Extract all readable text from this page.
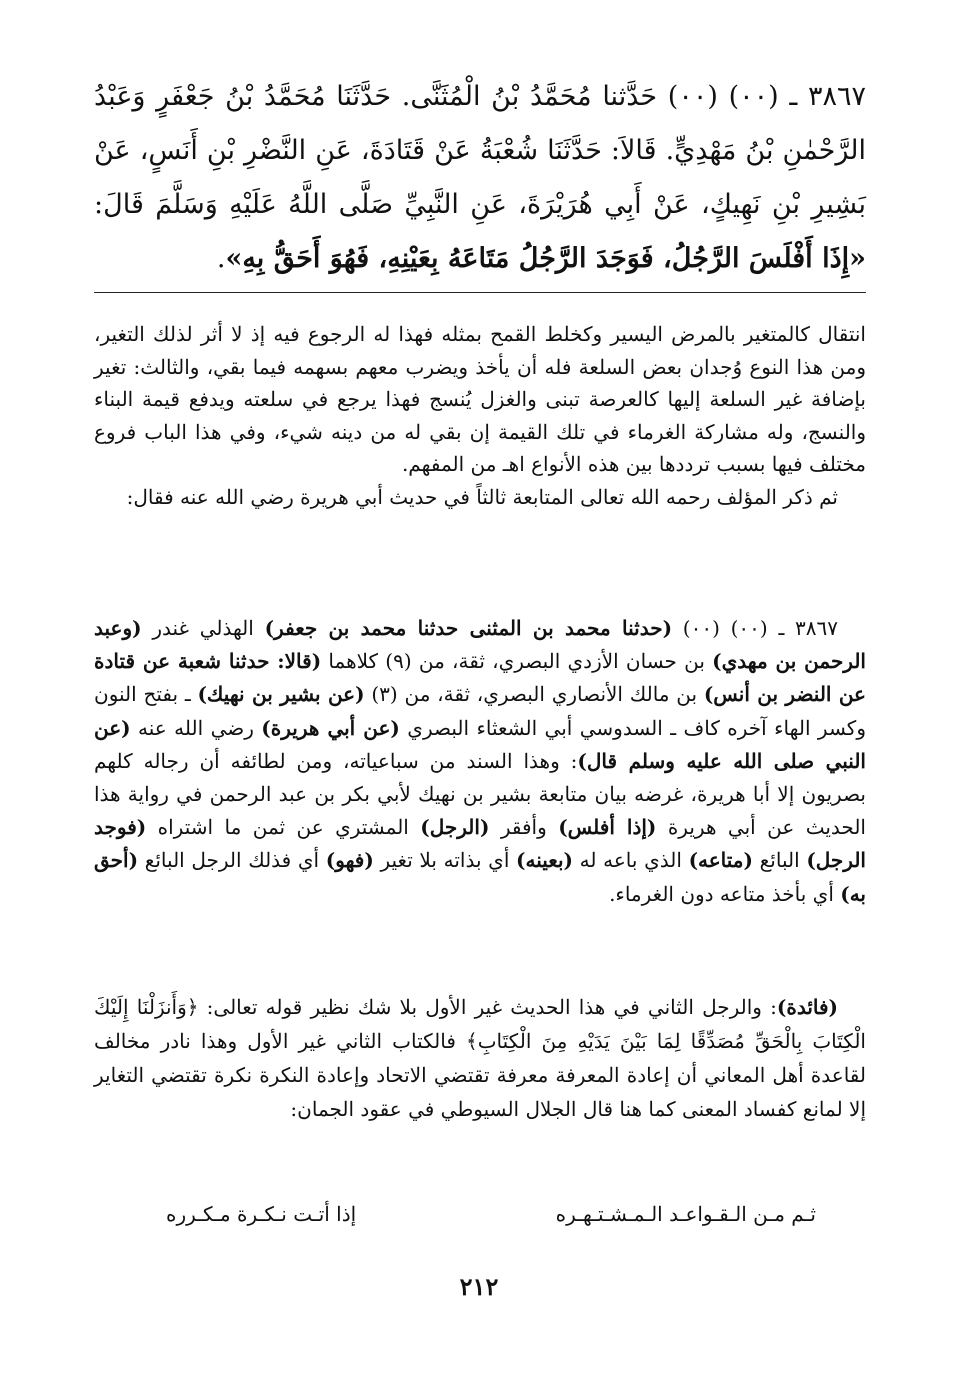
٣٨٦٧ ـ (٠٠) (٠٠) حَدَّثنا مُحَمَّدُ بْنُ الْمُثَنَّى. حَدَّثَنَا مُحَمَّدُ بْنُ جَعْفَرٍ وَعَبْدُ الرَّحْمٰنِ بْنُ مَهْدِيٍّ. قَالاَ: حَدَّثَنَا شُعْبَةُ عَنْ قَتَادَةَ، عَنِ النَّضْرِ بْنِ أَنَسٍ، عَنْ بَشِيرِ بْنِ نَهِيكٍ، عَنْ أَبِي هُرَيْرَةَ، عَنِ النَّبِيِّ صَلَّى اللَّهُ عَلَيْهِ وَسَلَّمَ قَالَ: «إِذَا أَفْلَسَ الرَّجُلُ، فَوَجَدَ الرَّجُلُ مَتَاعَهُ بِعَيْنِهِ، فَهُوَ أَحَقُّ بِهِ».

انتقال كالمتغير بالمرض اليسير وكخلط القمح بمثله فهذا له الرجوع فيه إذ لا أثر لذلك التغير، ومن هذا النوع وُجدان بعض السلعة فله أن يأخذ ويضرب معهم بسهمه فيما بقي، والثالث: تغير بإضافة غير السلعة إليها كالعرصة تبنى والغزل يُنسج فهذا يرجع في سلعته ويدفع قيمة البناء والنسج، وله مشاركة الغرماء في تلك القيمة إن بقي له من دينه شيء، وفي هذا الباب فروع مختلف فيها بسبب ترددها بين هذه الأنواع اهـ من المفهم.

ثم ذكر المؤلف رحمه الله تعالى المتابعة ثالثاً في حديث أبي هريرة رضي الله عنه فقال:

٣٨٦٧ ـ (٠٠) (٠٠) (حدثنا محمد بن المثنى حدثنا محمد بن جعفر) الهذلي غندر (وعبد الرحمن بن مهدي) بن حسان الأزدي البصري، ثقة، من (٩) كلاهما (قالا: حدثنا شعبة عن قتادة عن النضر بن أنس) بن مالك الأنصاري البصري، ثقة، من (٣) (عن بشير بن نهيك) ـ بفتح النون وكسر الهاء آخره كاف ـ السدوسي أبي الشعثاء البصري (عن أبي هريرة) رضي الله عنه (عن النبي صلى الله عليه وسلم قال): وهذا السند من سباعياته، ومن لطائفه أن رجاله كلهم بصريون إلا أبا هريرة، غرضه بيان متابعة بشير بن نهيك لأبي بكر بن عبد الرحمن في رواية هذا الحديث عن أبي هريرة (إذا أفلس) وأفقر (الرجل) المشتري عن ثمن ما اشتراه (فوجد الرجل) البائع (متاعه) الذي باعه له (بعينه) أي بذاته بلا تغير (فهو) أي فذلك الرجل البائع (أحق به) أي بأخذ متاعه دون الغرماء.

(فائدة): والرجل الثاني في هذا الحديث غير الأول بلا شك نظير قوله تعالى: ﴿وَأَنزَلْنَا إِلَيْكَ الْكِتَابَ بِالْحَقِّ مُصَدِّقًا لِمَا بَيْنَ يَدَيْهِ مِنَ الْكِتَابِ﴾ فالكتاب الثاني غير الأول وهذا نادر مخالف لقاعدة أهل المعاني أن إعادة المعرفة معرفة تقتضي الاتحاد وإعادة النكرة نكرة تقتضي التغاير إلا لمانع كفساد المعنى كما هنا قال الجلال السيوطي في عقود الجمان:

ثـم مـن الـقـواعـد الـمـشـتـهـره
إذا أتـت نـكـرة مـكـرره
٢١٢
